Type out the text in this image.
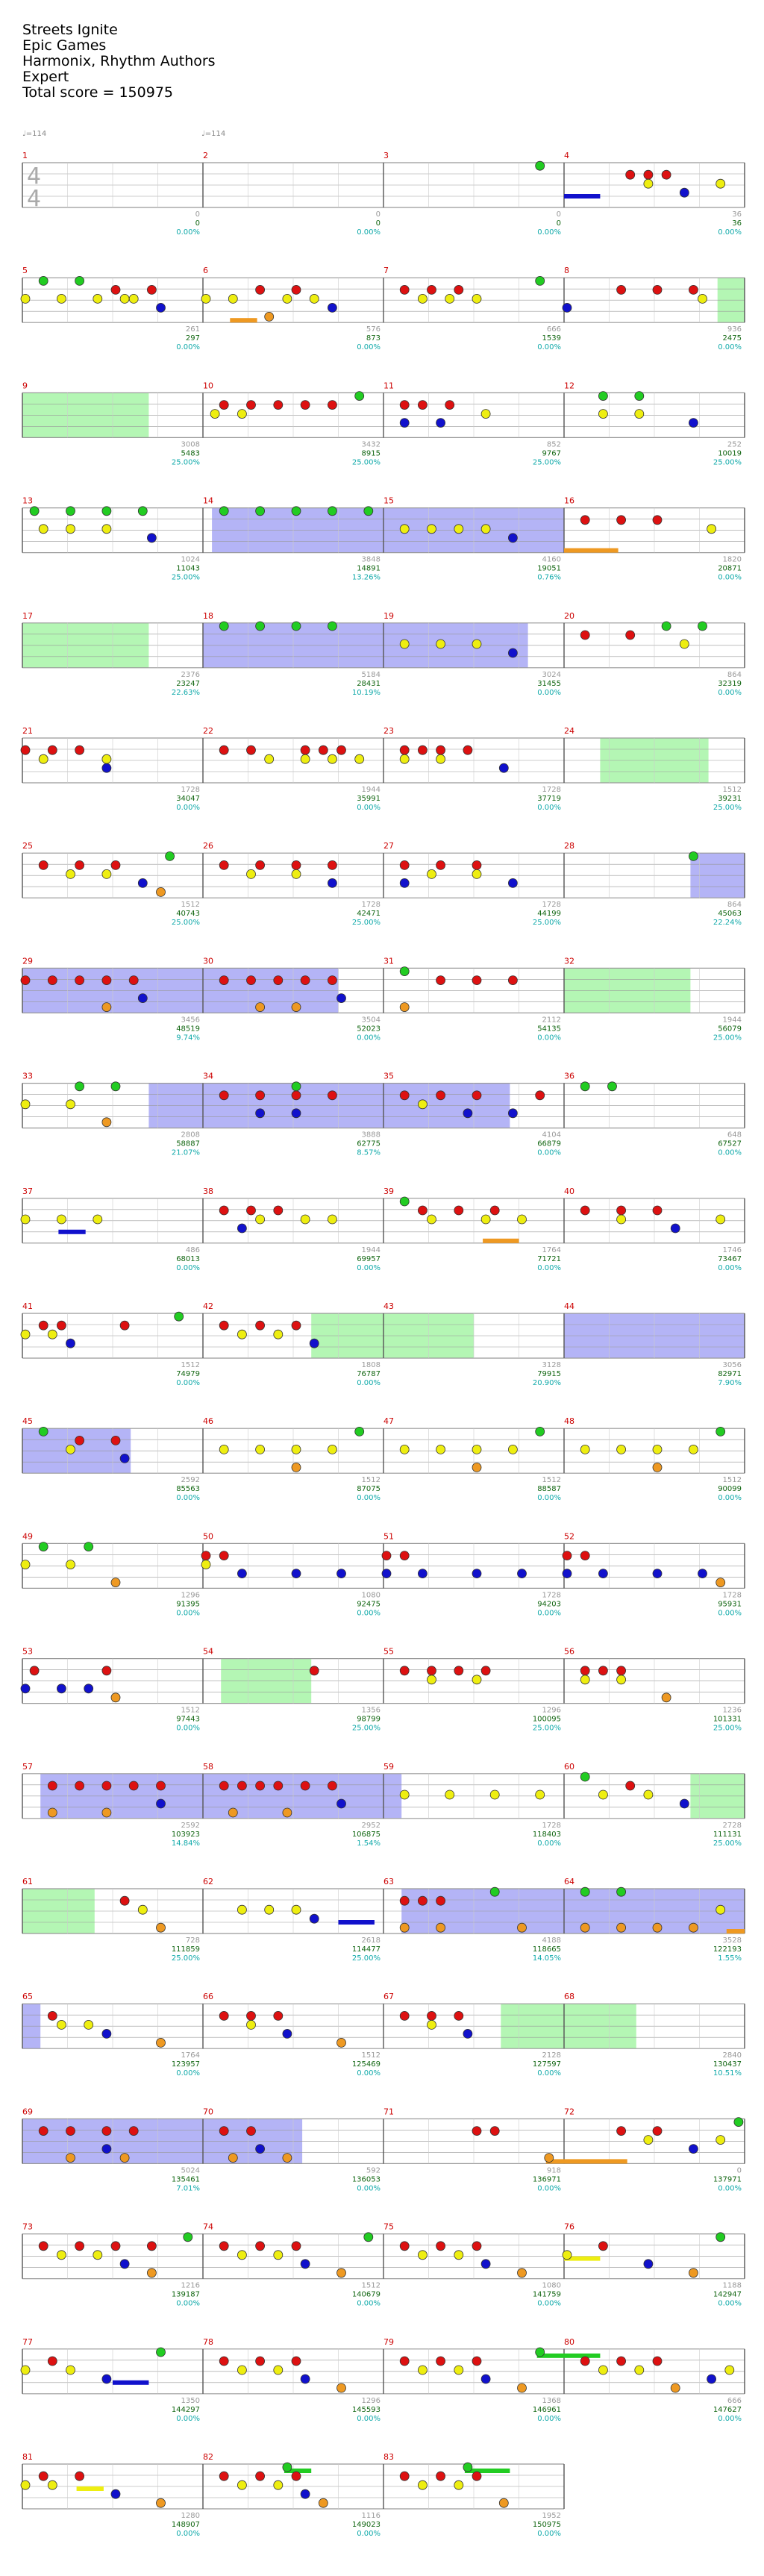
Streets Ignite
Epic Games
Harmonix, Rhythm Authors
Expert
Total score = 150975
♩=114	♩=114
1
0
0
0.00%
2
0
0
0.00%
3
0
0
0.00%
4
36
36
0.00%
5
261
297
0.00%
6
576
873
0.00%
7
666
1539
0.00%
8
936
2475
0.00%
9
3008
5483
25.00%
10
3432
8915
25.00%
11
852
9767
25.00%
12
252
10019
25.00%
13
1024
11043
25.00%
14
3848
14891
13.26%
15
4160
19051
0.76%
16
1820
20871
0.00%
17
2376
23247
22.63%
18
5184
28431
10.19%
19
3024
31455
0.00%
20
864
32319
0.00%
21
1728
34047
0.00%
22
1944
35991
0.00%
23
1728
37719
0.00%
24
1512
39231
25.00%
25
1512
40743
25.00%
26
1728
42471
25.00%
27
1728
44199
25.00%
28
864
45063
22.24%
29
3456
48519
9.74%
30
3504
52023
0.00%
31
2112
54135
0.00%
32
1944
56079
25.00%
33
2808
58887
21.07%
34
3888
62775
8.57%
35
4104
66879
0.00%
36
648
67527
0.00%
37
486
68013
0.00%
38
1944
69957
0.00%
39
1764
71721
0.00%
40
1746
73467
0.00%
41
1512
74979
0.00%
42
1808
76787
0.00%
43
3128
79915
20.90%
44
3056
82971
7.90%
45
2592
85563
0.00%
46
1512
87075
0.00%
47
1512
88587
0.00%
48
1512
90099
0.00%
49
1296
91395
0.00%
50
1080
92475
0.00%
51
1728
94203
0.00%
52
1728
95931
0.00%
53
1512
97443
0.00%
54
1356
98799
25.00%
55
1296
100095
25.00%
56
1236
101331
25.00%
57
2592
103923
14.84%
58
2952
106875
1.54%
59
1728
118403
0.00%
60
2728
111131
25.00%
61
728
111859
25.00%
62
2618
114477
25.00%
63
4188
118665
14.05%
64
3528
122193
1.55%
65
1764
123957
0.00%
66
1512
125469
0.00%
67
2128
127597
0.00%
68
2840
130437
10.51%
69
5024
135461
7.01%
70
592
136053
0.00%
71
918
136971
0.00%
72
0
137971
0.00%
73
1216
139187
0.00%
74
1512
140679
0.00%
75
1080
141759
0.00%
76
1188
142947
0.00%
77
1350
144297
0.00%
78
1296
145593
0.00%
79
1368
146961
0.00%
80
666
147627
0.00%
81
1280
148907
0.00%
82
1116
149023
0.00%
83
1952
150975
0.00%
4
4
